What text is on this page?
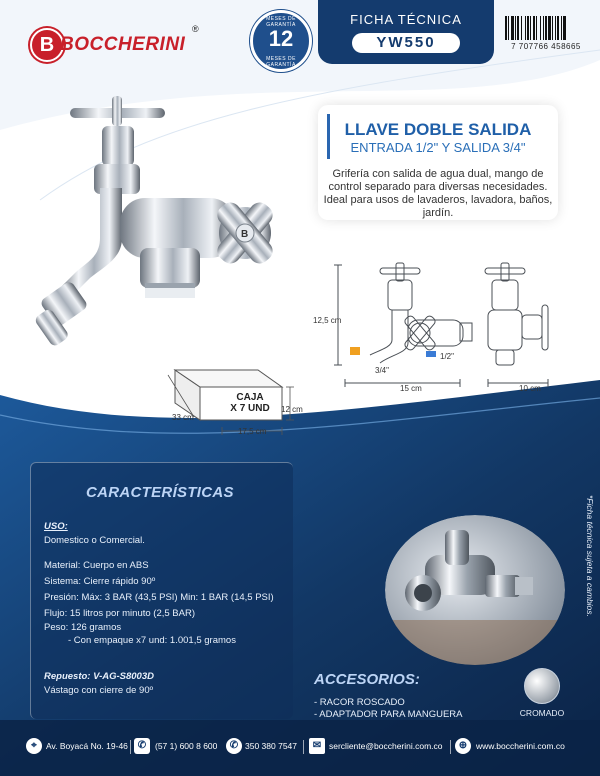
B BOCCHERINI
®
MESES DE GARANTÍA
12
MESES DE GARANTÍA
FICHA TÉCNICA
YW550	7 707766 458665
B
LLAVE DOBLE SALIDA
ENTRADA 1/2" Y SALIDA 3/4"
Grifería con salida de agua dual, mango de control separado para diversas necesidades. Ideal para usos de lavaderos, lavadora, baños, jardín.
12,5 cm
15 cm	10 cm
3/4"
1/2"
CAJA
X 7 UND
33 cm
17,5 cm
12 cm
CARACTERÍSTICAS
USO:
Domestico o Comercial.
Material: Cuerpo en ABS
Sistema: Cierre rápido 90º
Presión: Máx: 3 BAR (43,5 PSI) Min: 1 BAR (14,5 PSI)
Flujo: 15 litros por minuto (2,5 BAR)
Peso: 126 gramos
- Con empaque x7 und: 1.001,5 gramos
Repuesto: V-AG-S8003D
Vástago con cierre de 90º
ACCESORIOS:
- RACOR ROSCADO
- ADAPTADOR PARA MANGUERA	CROMADO
*Ficha técnica sujeta a cambios.
⌖	Av. Boyacá No. 19-46 ✆	(57 1) 600 8 600	✆ 350 380 7547	✉ sercliente@boccherini.com.co	⊕	www.boccherini.com.co
